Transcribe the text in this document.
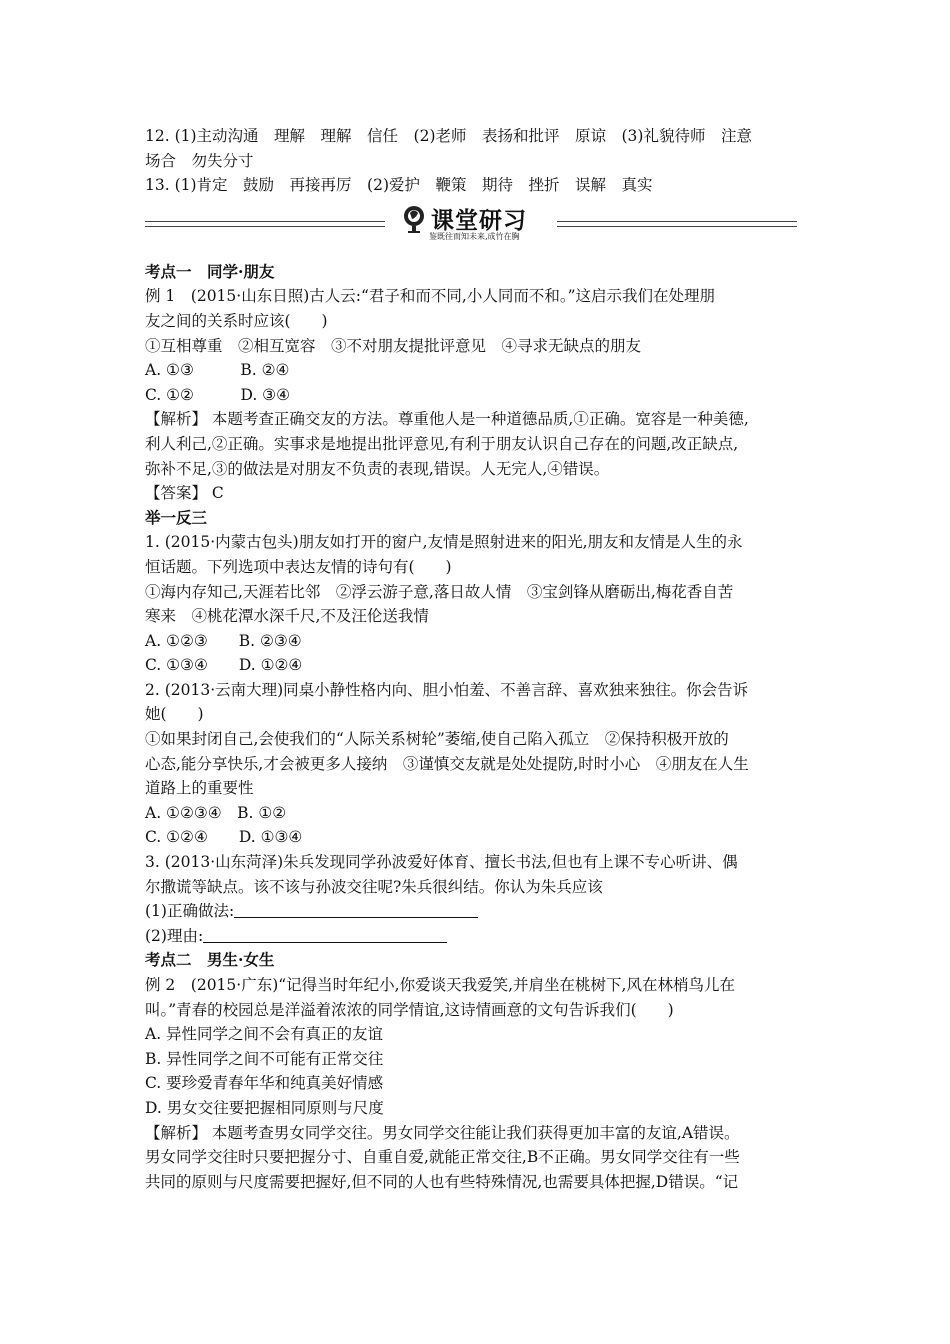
12. (1)主动沟通　理解　理解　信任　(2)老师　表扬和批评　原谅　(3)礼貌待师　注意
场合　勿失分寸
13. (1)肯定　鼓励　再接再厉　(2)爱护　鞭策　期待　挫折　误解　真实
课堂研习
鉴既往而知未来,成竹在胸
考点一　同学·朋友
例 1　(2015·山东日照)古人云:“君子和而不同,小人同而不和。”这启示我们在处理朋
友之间的关系时应该(　　)
①互相尊重　②相互宽容　③不对朋友提批评意见　④寻求无缺点的朋友
A. ①③　　　B. ②④
C. ①②　　　D. ③④
【解析】 本题考查正确交友的方法。尊重他人是一种道德品质,①正确。宽容是一种美德,
利人利己,②正确。实事求是地提出批评意见,有利于朋友认识自己存在的问题,改正缺点,
弥补不足,③的做法是对朋友不负责的表现,错误。人无完人,④错误。
【答案】 C
举一反三
1. (2015·内蒙古包头)朋友如打开的窗户,友情是照射进来的阳光,朋友和友情是人生的永
恒话题。下列选项中表达友情的诗句有(　　)
①海内存知己,天涯若比邻　②浮云游子意,落日故人情　③宝剑锋从磨砺出,梅花香自苦
寒来　④桃花潭水深千尺,不及汪伦送我情
A. ①②③　　B. ②③④
C. ①③④　　D. ①②④
2. (2013·云南大理)同桌小静性格内向、胆小怕羞、不善言辞、喜欢独来独往。你会告诉
她(　　)
①如果封闭自己,会使我们的“人际关系树轮”萎缩,使自己陷入孤立　②保持积极开放的
心态,能分享快乐,才会被更多人接纳　③谨慎交友就是处处提防,时时小心　④朋友在人生
道路上的重要性
A. ①②③④　B. ①②
C. ①②④　　D. ①③④
3. (2013·山东菏泽)朱兵发现同学孙波爱好体育、擅长书法,但也有上课不专心听讲、偶
尔撒谎等缺点。该不该与孙波交往呢?朱兵很纠结。你认为朱兵应该
(1)正确做法:
(2)理由:
考点二　男生·女生
例 2　(2015·广东)“记得当时年纪小,你爱谈天我爱笑,并肩坐在桃树下,风在林梢鸟儿在
叫。”青春的校园总是洋溢着浓浓的同学情谊,这诗情画意的文句告诉我们(　　)
A. 异性同学之间不会有真正的友谊
B. 异性同学之间不可能有正常交往
C. 要珍爱青春年华和纯真美好情感
D. 男女交往要把握相同原则与尺度
【解析】 本题考查男女同学交往。男女同学交往能让我们获得更加丰富的友谊,A错误。
男女同学交往时只要把握分寸、自重自爱,就能正常交往,B不正确。男女同学交往有一些
共同的原则与尺度需要把握好,但不同的人也有些特殊情况,也需要具体把握,D错误。“记
